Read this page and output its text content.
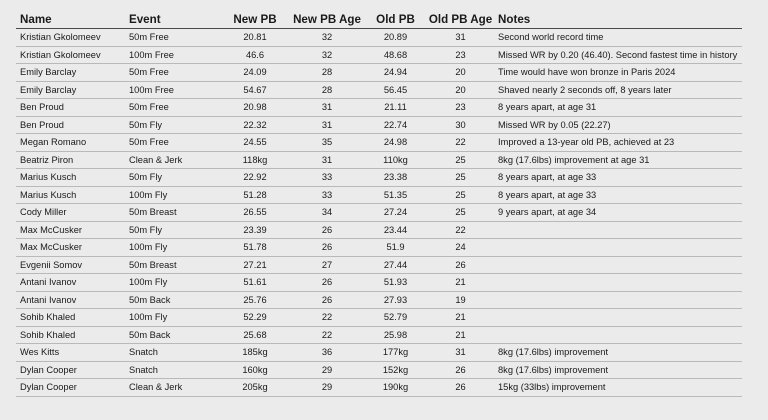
Name	Event	New PB	New PB Age	Old PB	Old PB Age	Notes
Kristian Gkolomeev	50m Free	20.81	32	20.89	31	Second world record time
Kristian Gkolomeev	100m Free	46.6	32	48.68	23	Missed WR by 0.20 (46.40). Second fastest time in history
Emily Barclay	50m Free	24.09	28	24.94	20	Time would have won bronze in Paris 2024
Emily Barclay	100m Free	54.67	28	56.45	20	Shaved nearly 2 seconds off, 8 years later
Ben Proud	50m Free	20.98	31	21.11	23	8 years apart, at age 31
Ben Proud	50m Fly	22.32	31	22.74	30	Missed WR by 0.05 (22.27)
Megan Romano	50m Free	24.55	35	24.98	22	Improved a 13-year old PB, achieved at 23
Beatriz Piron	Clean & Jerk	118kg	31	110kg	25	8kg (17.6lbs) improvement at age 31
Marius Kusch	50m Fly	22.92	33	23.38	25	8 years apart, at age 33
Marius Kusch	100m Fly	51.28	33	51.35	25	8 years apart, at age 33
Cody Miller	50m Breast	26.55	34	27.24	25	9 years apart, at age 34
Max McCusker	50m Fly	23.39	26	23.44	22	
Max McCusker	100m Fly	51.78	26	51.9	24	
Evgenii Somov	50m Breast	27.21	27	27.44	26	
Antani Ivanov	100m Fly	51.61	26	51.93	21	
Antani Ivanov	50m Back	25.76	26	27.93	19	
Sohib Khaled	100m Fly	52.29	22	52.79	21	
Sohib Khaled	50m Back	25.68	22	25.98	21	
Wes Kitts	Snatch	185kg	36	177kg	31	8kg (17.6lbs) improvement
Dylan Cooper	Snatch	160kg	29	152kg	26	8kg (17.6lbs) improvement
Dylan Cooper	Clean & Jerk	205kg	29	190kg	26	15kg (33lbs) improvement
